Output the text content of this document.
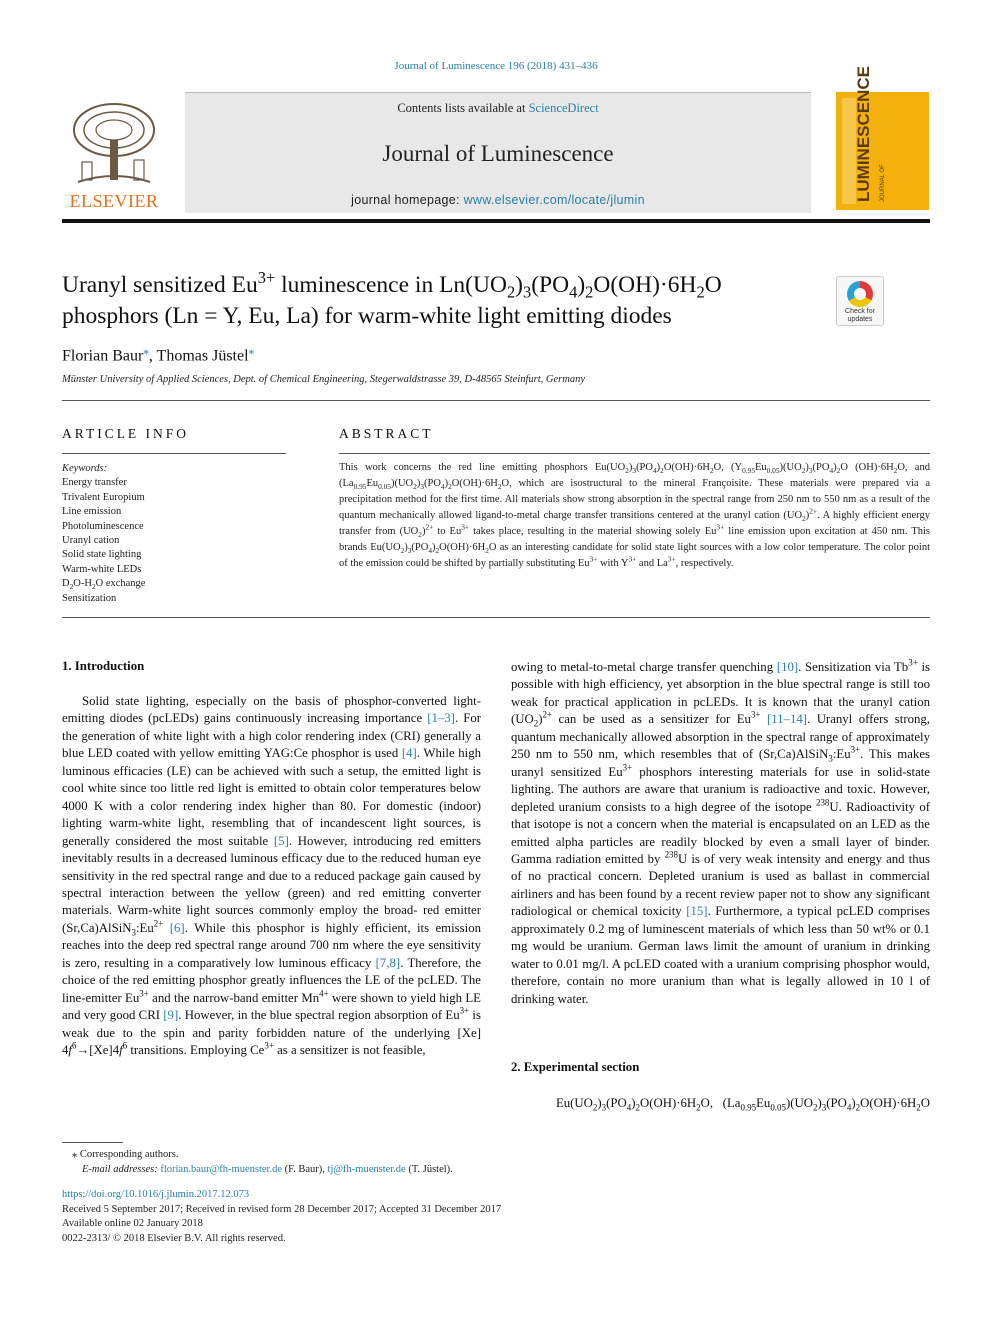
Journal of Luminescence 196 (2018) 431–436
ELSEVIER
Contents lists available at ScienceDirect
Journal of Luminescence
journal homepage: www.elsevier.com/locate/jlumin	LUMINESCENCE JOURNAL OF
Uranyl sensitized $Eu^{3+}$ luminescence in $Ln(UO_2)_3(PO_4)_2O(OH)\cdot 6H_2O$ phosphors (Ln = Y, Eu, La) for warm-white light emitting diodes	Check for updates
Florian Baur⁎, Thomas Jüstel⁎
Münster University of Applied Sciences, Dept. of Chemical Engineering, Stegerwaldstrasse 39, D-48565 Steinfurt, Germany
ARTICLE INFO	ABSTRACT
Keywords:
Energy transfer
Trivalent Europium
Line emission
Photoluminescence
Uranyl cation
Solid state lighting
Warm-white LEDs
$D_2O-H_2O$ exchange
Sensitization
This work concerns the red line emitting phosphors $Eu(UO_2)_3(PO_4)_2O(OH)\cdot 6H_2O$, $(Y_{0.95}Eu_{0.05})(UO_2)_3(PO_4)_2O$ $(OH)\cdot 6H_2O$, and $(La_{0.95}Eu_{0.05})(UO_2)_3(PO_4)_2O(OH)\cdot 6H_2O$, which are isostructural to the mineral Françoisite. These materials were prepared via a precipitation method for the first time. All materials show strong absorption in the spectral range from 250 nm to 550 nm as a result of the quantum mechanically allowed ligand-to-metal charge transfer transitions centered at the uranyl cation $(UO_2)^{2+}$. A highly efficient energy transfer from $(UO_2)^{2+}$ to $Eu^{3+}$ takes place, resulting in the material showing solely $Eu^{3+}$ line emission upon excitation at 450 nm. This brands $Eu(UO_2)_3(PO_4)_2O(OH)\cdot 6H_2O$ as an interesting candidate for solid state light sources with a low color temperature. The color point of the emission could be shifted by partially substituting $Eu^{3+}$ with $Y^{3+}$ and $La^{3+}$, respectively.
1. Introduction
Solid state lighting, especially on the basis of phosphor-converted light-emitting diodes (pcLEDs) gains continuously increasing importance [1–3]. For the generation of white light with a high color rendering index (CRI) generally a blue LED coated with yellow emitting YAG:Ce phosphor is used [4]. While high luminous efficacies (LE) can be achieved with such a setup, the emitted light is cool white since too little red light is emitted to obtain color temperatures below 4000 K with a color rendering index higher than 80. For domestic (indoor) lighting warm-white light, resembling that of incandescent light sources, is generally considered the most suitable [5]. However, introducing red emitters inevitably results in a decreased luminous efficacy due to the reduced human eye sensitivity in the red spectral range and due to a reduced package gain caused by spectral interaction between the yellow (green) and red emitting converter materials. Warm-white light sources commonly employ the broad- red emitter $(Sr,Ca)AlSiN_3:Eu^{2+}$ [6]. While this phosphor is highly efficient, its emission reaches into the deep red spectral range around 700 nm where the eye sensitivity is zero, resulting in a comparatively low luminous efficacy [7,8]. Therefore, the choice of the red emitting phosphor greatly influences the LE of the pcLED. The line-emitter $Eu^{3+}$ and the narrow-band emitter $Mn^{4+}$ were shown to yield high LE and very good CRI [9]. However, in the blue spectral region absorption of $Eu^{3+}$ is weak due to the spin and parity forbidden nature of the underlying [Xe] $4f^6\to[Xe]4f^6$ transitions. Employing $Ce^{3+}$ as a sensitizer is not feasible,
owing to metal-to-metal charge transfer quenching [10]. Sensitization via $Tb^{3+}$ is possible with high efficiency, yet absorption in the blue spectral range is still too weak for practical application in pcLEDs. It is known that the uranyl cation $(UO_2)^{2+}$ can be used as a sensitizer for $Eu^{3+}$ [11–14]. Uranyl offers strong, quantum mechanically allowed absorption in the spectral range of approximately 250 nm to 550 nm, which resembles that of $(Sr,Ca)AlSiN_3:Eu^{3+}$. This makes uranyl sensitized $Eu^{3+}$ phosphors interesting materials for use in solid-state lighting. The authors are aware that uranium is radioactive and toxic. However, depleted uranium consists to a high degree of the isotope $^{238}$U. Radioactivity of that isotope is not a concern when the material is encapsulated on an LED as the emitted alpha particles are readily blocked by even a small layer of binder. Gamma radiation emitted by $^{238}$U is of very weak intensity and energy and thus of no practical concern. Depleted uranium is used as ballast in commercial airliners and has been found by a recent review paper not to show any significant radiological or chemical toxicity [15]. Furthermore, a typical pcLED comprises approximately 0.2 mg of luminescent materials of which less than 50 wt% or 0.1 mg would be uranium. German laws limit the amount of uranium in drinking water to 0.01 mg/l. A pcLED coated with a uranium comprising phosphor would, therefore, contain no more uranium than what is legally allowed in 10 l of drinking water.
2. Experimental section
$Eu(UO_2)_3(PO_4)_2O(OH)\cdot 6H_2O$,   $(La_{0.95}Eu_{0.05})(UO_2)_3(PO_4)_2O(OH)\cdot 6H_2O$
⁎ Corresponding authors.
E-mail addresses: florian.baur@fh-muenster.de (F. Baur), tj@fh-muenster.de (T. Jüstel).
https://doi.org/10.1016/j.jlumin.2017.12.073
Received 5 September 2017; Received in revised form 28 December 2017; Accepted 31 December 2017
Available online 02 January 2018
0022-2313/ © 2018 Elsevier B.V. All rights reserved.
